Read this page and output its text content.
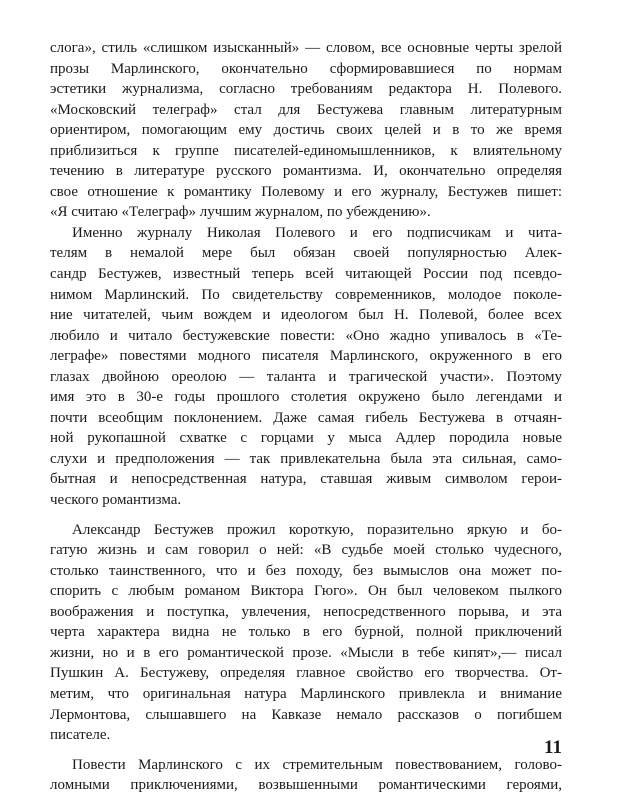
слога», стиль «слишком изысканный» — словом, все основные черты зрелой
прозы Марлинского, окончательно сформировавшиеся по нормам
эстетики журнализма, согласно требованиям редактора Н. Полевого.
«Московский телеграф» стал для Бестужева главным литературным
ориентиром, помогающим ему достичь своих целей и в то же время
приблизиться к группе писателей-единомышленников, к влиятельному
течению в литературе русского романтизма. И, окончательно определяя
свое отношение к романтику Полевому и его журналу, Бестужев пишет:
«Я считаю «Телеграф» лучшим журналом, по убеждению».
Именно журналу Николая Полевого и его подписчикам и чита-
телям в немалой мере был обязан своей популярностью Алек-
сандр Бестужев, известный теперь всей читающей России под псевдо-
нимом Марлинский. По свидетельству современников, молодое поколе-
ние читателей, чьим вождем и идеологом был Н. Полевой, более всех
любило и читало бестужевские повести: «Оно жадно упивалось в «Те-
леграфе» повестями модного писателя Марлинского, окруженного в его
глазах двойною ореолою — таланта и трагической участи». Поэтому
имя это в 30-е годы прошлого столетия окружено было легендами и
почти всеобщим поклонением. Даже самая гибель Бестужева в отчаян-
ной рукопашной схватке с горцами у мыса Адлер породила новые
слухи и предположения — так привлекательна была эта сильная, само-
бытная и непосредственная натура, ставшая живым символом герои-
ческого романтизма.
Александр Бестужев прожил короткую, поразительно яркую и бо-
гатую жизнь и сам говорил о ней: «В судьбе моей столько чудесного,
столько таинственного, что и без походу, без вымыслов она может по-
спорить с любым романом Виктора Гюго». Он был человеком пылкого
воображения и поступка, увлечения, непосредственного порыва, и эта
черта характера видна не только в его бурной, полной приключений
жизни, но и в его романтической прозе. «Мысли в тебе кипят»,— писал
Пушкин А. Бестужеву, определяя главное свойство его творчества. От-
метим, что оригинальная натура Марлинского привлекла и внимание
Лермонтова, слышавшего на Кавказе немало рассказов о погибшем
писателе.
Повести Марлинского с их стремительным повествованием, голово-
ломными приключениями, возвышенными романтическими героями,
11
